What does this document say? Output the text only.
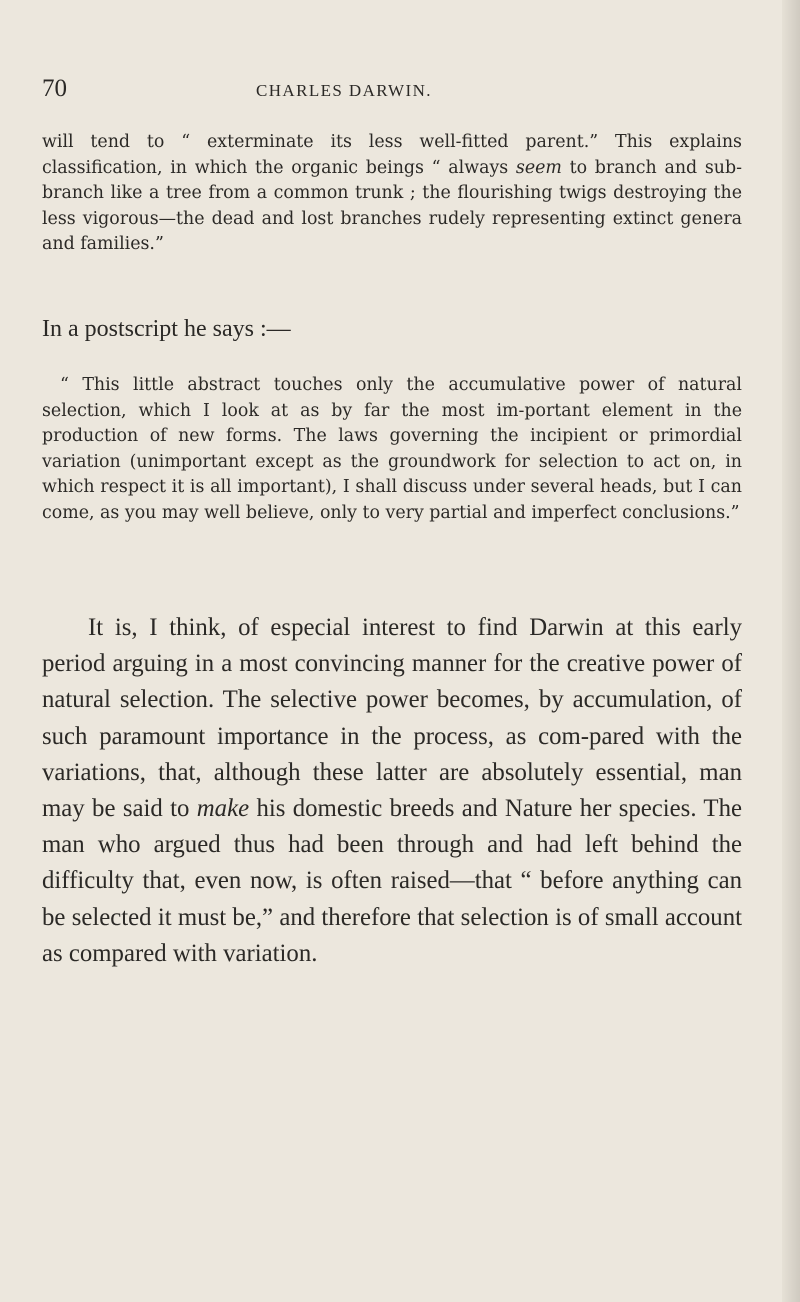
70	CHARLES DARWIN.

will tend to “ exterminate its less well-fitted parent.” This explains classification, in which the organic beings “ always seem to branch and sub-branch like a tree from a common trunk ; the flourishing twigs destroying the less vigorous—the dead and lost branches rudely representing extinct genera and families.”

In a postscript he says :—

“ This little abstract touches only the accumulative power of natural selection, which I look at as by far the most im-portant element in the production of new forms. The laws governing the incipient or primordial variation (unimportant except as the groundwork for selection to act on, in which respect it is all important), I shall discuss under several heads, but I can come, as you may well believe, only to very partial and imperfect conclusions.”

It is, I think, of especial interest to find Darwin at this early period arguing in a most convincing manner for the creative power of natural selection. The selective power becomes, by accumulation, of such paramount importance in the process, as com-pared with the variations, that, although these latter are absolutely essential, man may be said to make his domestic breeds and Nature her species. The man who argued thus had been through and had left behind the difficulty that, even now, is often raised—that “ before anything can be selected it must be,” and therefore that selection is of small account as compared with variation.
